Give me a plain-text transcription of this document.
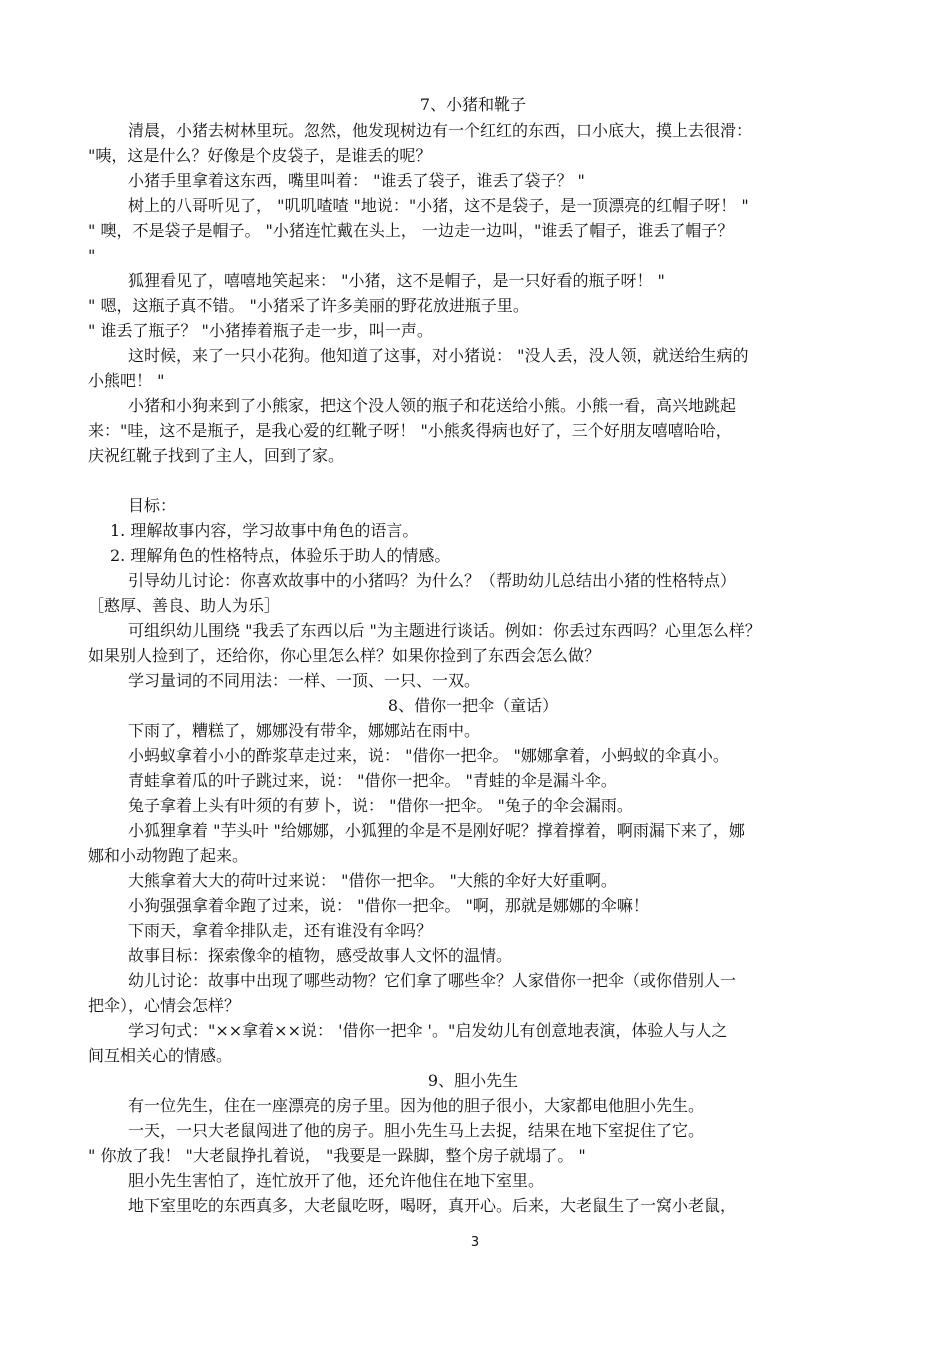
7、小猪和靴子
清晨，小猪去树林里玩。忽然，他发现树边有一个红红的东西，口小底大，摸上去很滑：
"咦，这是什么？好像是个皮袋子，是谁丢的呢？
小猪手里拿着这东西，嘴里叫着： "谁丢了袋子，谁丢了袋子？ "
树上的八哥听见了， "叽叽喳喳 "地说："小猪，这不是袋子，是一顶漂亮的红帽子呀！ "
" 噢，不是袋子是帽子。 "小猪连忙戴在头上， 一边走一边叫，"谁丢了帽子，谁丢了帽子？
"
狐狸看见了，嘻嘻地笑起来： "小猪，这不是帽子，是一只好看的瓶子呀！ "
" 嗯，这瓶子真不错。 "小猪采了许多美丽的野花放进瓶子里。
" 谁丢了瓶子？ "小猪捧着瓶子走一步，叫一声。
这时候，来了一只小花狗。他知道了这事，对小猪说： "没人丢，没人领，就送给生病的
小熊吧！ "
小猪和小狗来到了小熊家，把这个没人领的瓶子和花送给小熊。小熊一看，高兴地跳起
来："哇，这不是瓶子，是我心爱的红靴子呀！ "小熊炙得病也好了，三个好朋友嘻嘻哈哈，
庆祝红靴子找到了主人，回到了家。
目标：
1. 理解故事内容，学习故事中角色的语言。
2. 理解角色的性格特点，体验乐于助人的情感。
引导幼儿讨论：你喜欢故事中的小猪吗？为什么？（帮助幼儿总结出小猪的性格特点）
［憨厚、善良、助人为乐］
可组织幼儿围绕 "我丢了东西以后 "为主题进行谈话。例如：你丢过东西吗？心里怎么样？
如果别人捡到了，还给你，你心里怎么样？如果你捡到了东西会怎么做？
学习量词的不同用法：一样、一顶、一只、一双。
8、借你一把伞（童话）
下雨了，糟糕了，娜娜没有带伞，娜娜站在雨中。
小蚂蚁拿着小小的酢浆草走过来，说： "借你一把伞。 "娜娜拿着，小蚂蚁的伞真小。
青蛙拿着瓜的叶子跳过来，说： "借你一把伞。 "青蛙的伞是漏斗伞。
兔子拿着上头有叶须的有萝卜，说： "借你一把伞。 "兔子的伞会漏雨。
小狐狸拿着 "芋头叶 "给娜娜，小狐狸的伞是不是刚好呢？撑着撑着，啊雨漏下来了，娜
娜和小动物跑了起来。
大熊拿着大大的荷叶过来说： "借你一把伞。 "大熊的伞好大好重啊。
小狗强强拿着伞跑了过来，说： "借你一把伞。 "啊，那就是娜娜的伞嘛！
下雨天，拿着伞排队走，还有谁没有伞吗？
故事目标：探索像伞的植物，感受故事人文怀的温情。
幼儿讨论：故事中出现了哪些动物？它们拿了哪些伞？人家借你一把伞（或你借别人一
把伞），心情会怎样？
学习句式："××拿着××说： '借你一把伞 '。"启发幼儿有创意地表演，体验人与人之
间互相关心的情感。
9、胆小先生
有一位先生，住在一座漂亮的房子里。因为他的胆子很小，大家都电他胆小先生。
一天，一只大老鼠闯进了他的房子。胆小先生马上去捉，结果在地下室捉住了它。
" 你放了我！ "大老鼠挣扎着说， "我要是一跺脚，整个房子就塌了。 "
胆小先生害怕了，连忙放开了他，还允许他住在地下室里。
地下室里吃的东西真多，大老鼠吃呀，喝呀，真开心。后来，大老鼠生了一窝小老鼠，
3
